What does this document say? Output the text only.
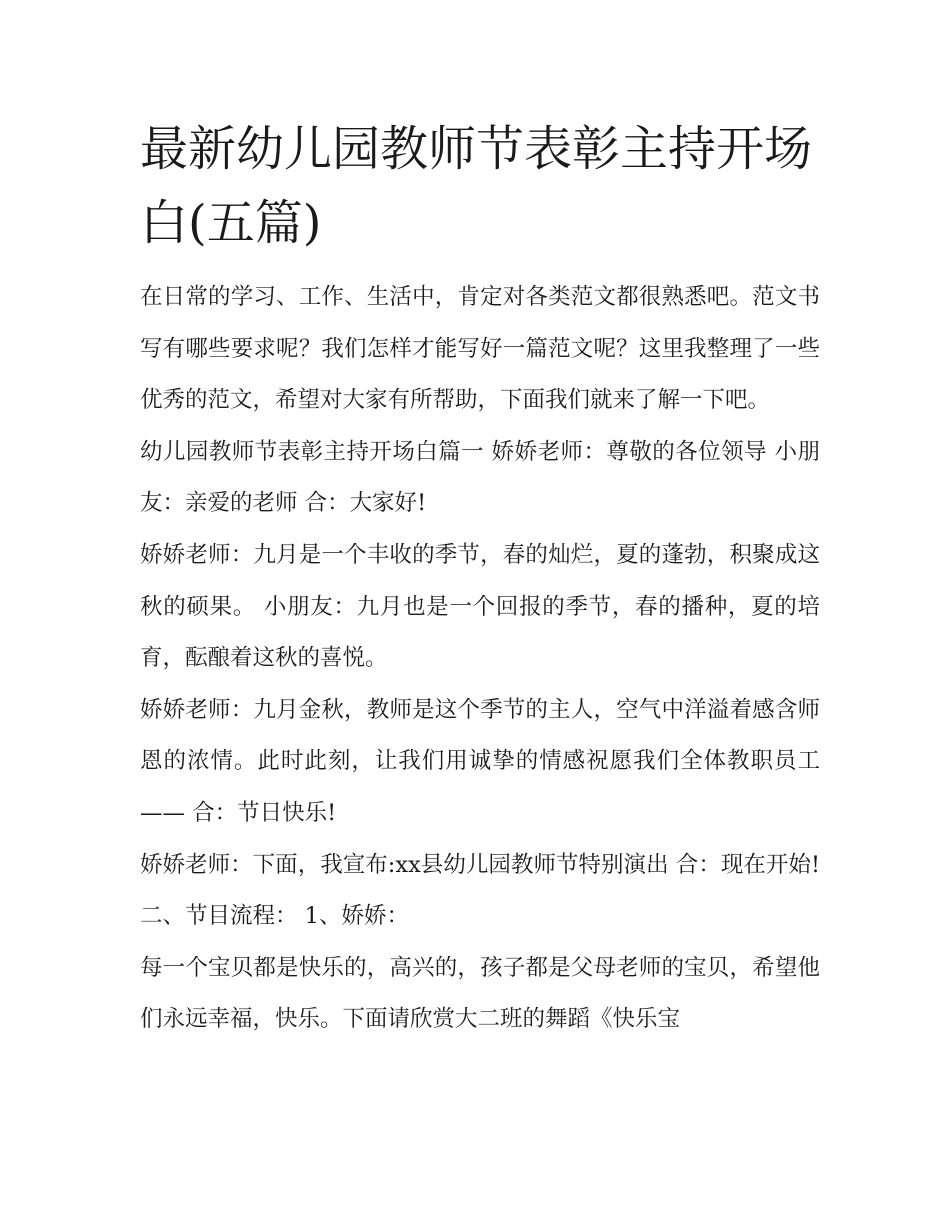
最新幼儿园教师节表彰主持开场白(五篇)

在日常的学习、工作、生活中，肯定对各类范文都很熟悉吧。范文书写有哪些要求呢？我们怎样才能写好一篇范文呢？这里我整理了一些优秀的范文，希望对大家有所帮助，下面我们就来了解一下吧。

幼儿园教师节表彰主持开场白篇一 娇娇老师：尊敬的各位领导 小朋友：亲爱的老师 合：大家好!

娇娇老师：九月是一个丰收的季节，春的灿烂，夏的蓬勃，积聚成这秋的硕果。 小朋友：九月也是一个回报的季节，春的播种，夏的培育，酝酿着这秋的喜悦。

娇娇老师：九月金秋，教师是这个季节的主人，空气中洋溢着感含师恩的浓情。此时此刻，让我们用诚挚的情感祝愿我们全体教职员工—— 合：节日快乐!

娇娇老师：下面，我宣布:xx县幼儿园教师节特别演出 合：现在开始! 二、节目流程： 1、娇娇：

每一个宝贝都是快乐的，高兴的，孩子都是父母老师的宝贝，希望他们永远幸福，快乐。下面请欣赏大二班的舞蹈《快乐宝
